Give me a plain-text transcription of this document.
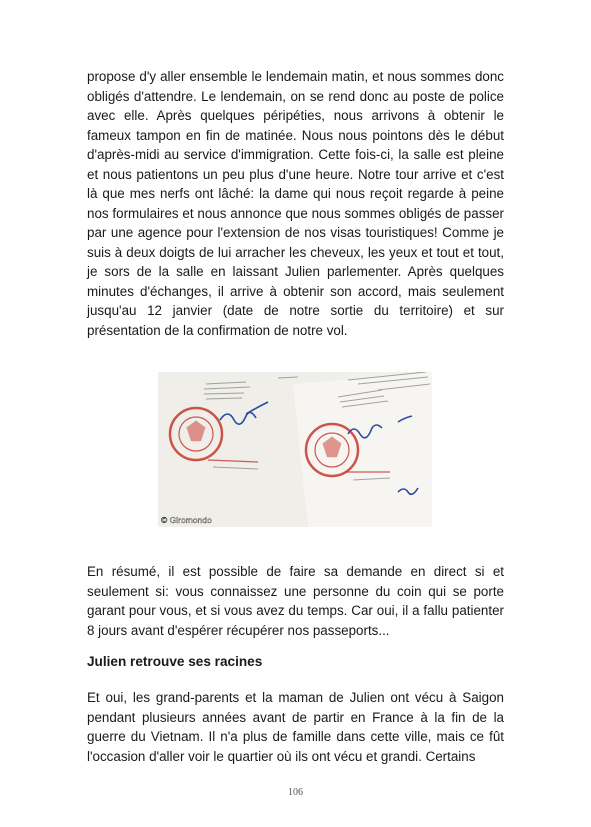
propose d'y aller ensemble le lendemain matin, et nous sommes donc obligés d'attendre. Le lendemain, on se rend donc au poste de police avec elle. Après quelques péripéties, nous arrivons à obtenir le fameux tampon en fin de matinée. Nous nous pointons dès le début d'après-midi au service d'immigration. Cette fois-ci, la salle est pleine et nous patientons un peu plus d'une heure. Notre tour arrive et c'est là que mes nerfs ont lâché: la dame qui nous reçoit regarde à peine nos formulaires et nous annonce que nous sommes obligés de passer par une agence pour l'extension de nos visas touristiques! Comme je suis à deux doigts de lui arracher les cheveux, les yeux et tout et tout, je sors de la salle en laissant Julien parlementer. Après quelques minutes d'échanges, il arrive à obtenir son accord, mais seulement jusqu'au 12 janvier (date de notre sortie du territoire) et sur présentation de la confirmation de notre vol.

© Giromondo

En résumé, il est possible de faire sa demande en direct si et seulement si: vous connaissez une personne du coin qui se porte garant pour vous, et si vous avez du temps. Car oui, il a fallu patienter 8 jours avant d'espérer récupérer nos passeports...

Julien retrouve ses racines

Et oui, les grand-parents et la maman de Julien ont vécu à Saigon pendant plusieurs années avant de partir en France à la fin de la guerre du Vietnam. Il n'a plus de famille dans cette ville, mais ce fût l'occasion d'aller voir le quartier où ils ont vécu et grandi. Certains

106
